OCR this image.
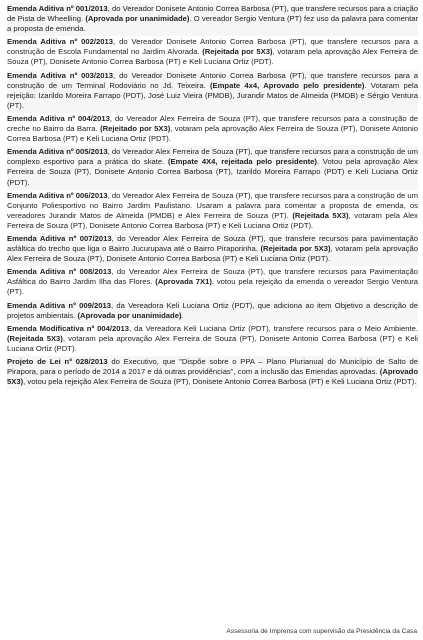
Emenda Aditiva nº 001/2013, do Vereador Donisete Antonio Correa Barbosa (PT), que transfere recursos para a criação de Pista de Wheelling. (Aprovada por unanimidade). O vereador Sergio Ventura (PT) fez uso da palavra para comentar a proposta de emenda.

Emenda Aditiva nº 002/2013, do Vereador Donisete Antonio Correa Barbosa (PT), que transfere recursos para a construção de Escola Fundamental no Jardim Alvorada. (Rejeitada por 5X3), votaram pela aprovação Alex Ferreira de Souza (PT), Donisete Antonio Correa Barbosa (PT) e Keli Luciana Ortiz (PDT).

Emenda Aditiva nº 003/2013, do Vereador Donisete Antonio Correa Barbosa (PT), que transfere recursos para a construção de um Terminal Rodoviário no Jd. Teixeira. (Empate 4x4, Aprovado pelo presidente). Votaram pela rejeição: Izarildo Moreira Farrapo (PDT), José Luiz Vieira (PMDB), Jurandir Matos de Almeida (PMDB) e Sérgio Ventura (PT).

Emenda Aditiva nº 004/2013, do Vereador Alex Ferreira de Souza (PT), que transfere recursos para a construção de creche no Bairro da Barra. (Rejeitado por 5X3), votaram pela aprovação Alex Ferreira de Souza (PT), Donisete Antonio Correa Barbosa (PT) e Keli Luciana Ortiz (PDT).

Emenda Aditiva nº 005/2013, do Vereador Alex Ferreira de Souza (PT), que transfere recursos para a construção de um complexo esportivo para a prática do skate. (Empate 4X4, rejeitada pelo presidente). Votou pela aprovação Alex Ferreira de Souza (PT), Donisete Antonio Correa Barbosa (PT), Izarildo Moreira Farrapo (PDT) e Keli Luciana Ortiz (PDT).

Emenda Aditiva nº 006/2013, do Vereador Alex Ferreira de Souza (PT), que transfere recursos para a construção de um Conjunto Poliesportivo no Bairro Jardim Paulistano. Usaram a palavra para comentar a proposta de emenda, os vereadores Jurandir Matos de Almeida (PMDB) e Alex Ferreira de Souza (PT). (Rejeitada 5X3), votaram pela Alex Ferreira de Souza (PT), Donisete Antonio Correa Barbosa (PT) e Keli Luciana Ortiz (PDT).

Emenda Aditiva nº 007/2013, do Vereador Alex Ferreira de Souza (PT), que transfere recursos para pavimentação asfáltica do trecho que liga o Bairro Jucurupava até o Bairro Piraporinha. (Rejeitada por 5X3), votaram pela aprovação Alex Ferreira de Souza (PT), Donisete Antonio Correa Barbosa (PT) e Keli Luciana Ortiz (PDT).

Emenda Aditiva nº 008/2013, do Vereador Alex Ferreira de Souza (PT), que transfere recursos para Pavimentação Asfáltica do Bairro Jardim Ilha das Flores. (Aprovada 7X1), votou pela rejeição da emenda o vereador Sergio Ventura (PT).

Emenda Aditiva nº 009/2013, da Vereadora Keli Luciana Ortiz (PDT), que adiciona ao item Objetivo a descrição de projetos ambientais. (Aprovada por unanimidade).

Emenda Modificativa nº 004/2013, da Vereadora Keli Luciana Ortiz (PDT), transfere recursos para o Meio Ambiente. (Rejeitada 5X3), votaram pela aprovação Alex Ferreira de Souza (PT), Donisete Antonio Correa Barbosa (PT) e Keli Luciana Ortiz (PDT).

Projeto de Lei nº 028/2013 do Executivo, que "Dispõe sobre o PPA – Plano Plurianual do Município de Salto de Pirapora, para o período de 2014 a 2017 e dá outras providências", com a inclusão das Emendas aprovadas. (Aprovado 5X3), votou pela rejeição Alex Ferreira de Souza (PT), Donisete Antonio Correa Barbosa (PT) e Keli Luciana Ortiz (PDT).

Assessoria de Imprensa com supervisão da Presidência da Casa
